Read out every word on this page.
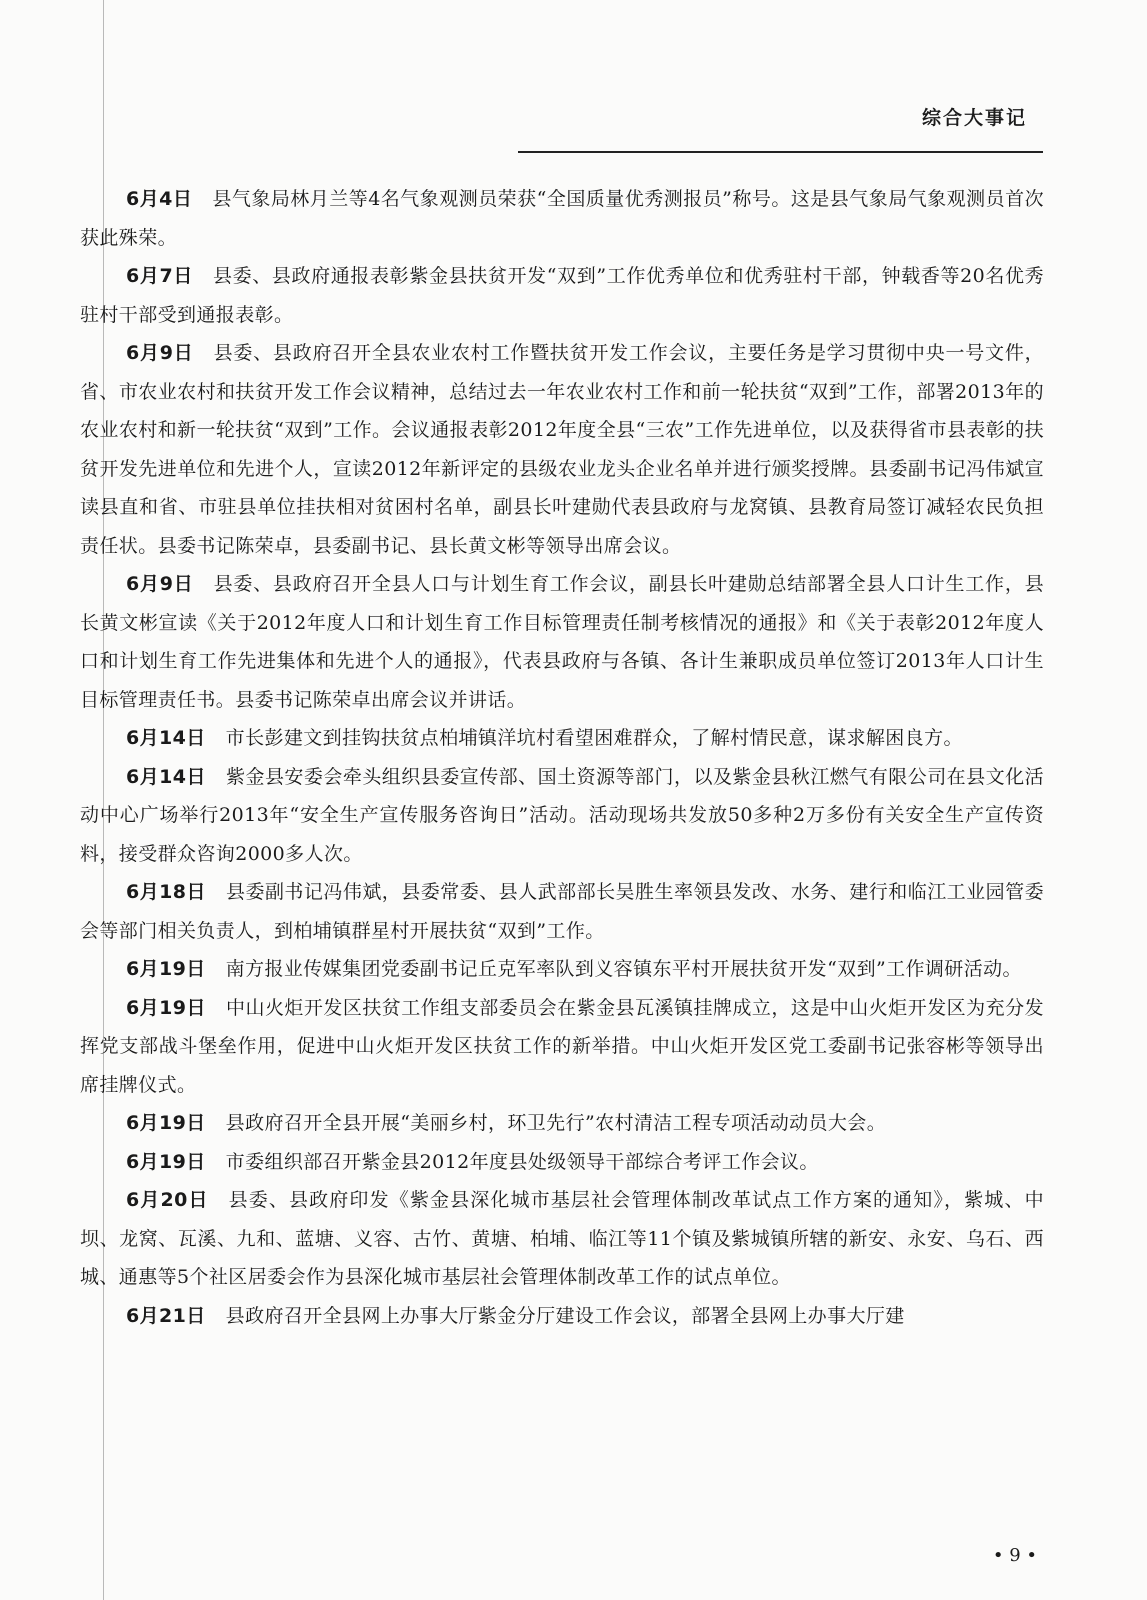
综合大事记

6月4日 县气象局林月兰等4名气象观测员荣获“全国质量优秀测报员”称号。这是县气象局气象观测员首次获此殊荣。

6月7日 县委、县政府通报表彰紫金县扶贫开发“双到”工作优秀单位和优秀驻村干部，钟载香等20名优秀驻村干部受到通报表彰。

6月9日 县委、县政府召开全县农业农村工作暨扶贫开发工作会议，主要任务是学习贯彻中央一号文件，省、市农业农村和扶贫开发工作会议精神，总结过去一年农业农村工作和前一轮扶贫“双到”工作，部署2013年的农业农村和新一轮扶贫“双到”工作。会议通报表彰2012年度全县“三农”工作先进单位，以及获得省市县表彰的扶贫开发先进单位和先进个人，宣读2012年新评定的县级农业龙头企业名单并进行颁奖授牌。县委副书记冯伟斌宣读县直和省、市驻县单位挂扶相对贫困村名单，副县长叶建勋代表县政府与龙窝镇、县教育局签订减轻农民负担责任状。县委书记陈荣卓，县委副书记、县长黄文彬等领导出席会议。

6月9日 县委、县政府召开全县人口与计划生育工作会议，副县长叶建勋总结部署全县人口计生工作，县长黄文彬宣读《关于2012年度人口和计划生育工作目标管理责任制考核情况的通报》和《关于表彰2012年度人口和计划生育工作先进集体和先进个人的通报》，代表县政府与各镇、各计生兼职成员单位签订2013年人口计生目标管理责任书。县委书记陈荣卓出席会议并讲话。

6月14日 市长彭建文到挂钩扶贫点柏埔镇洋坑村看望困难群众，了解村情民意，谋求解困良方。

6月14日 紫金县安委会牵头组织县委宣传部、国土资源等部门，以及紫金县秋江燃气有限公司在县文化活动中心广场举行2013年“安全生产宣传服务咨询日”活动。活动现场共发放50多种2万多份有关安全生产宣传资料，接受群众咨询2000多人次。

6月18日 县委副书记冯伟斌，县委常委、县人武部部长吴胜生率领县发改、水务、建行和临江工业园管委会等部门相关负责人，到柏埔镇群星村开展扶贫“双到”工作。

6月19日 南方报业传媒集团党委副书记丘克军率队到义容镇东平村开展扶贫开发“双到”工作调研活动。

6月19日 中山火炬开发区扶贫工作组支部委员会在紫金县瓦溪镇挂牌成立，这是中山火炬开发区为充分发挥党支部战斗堡垒作用，促进中山火炬开发区扶贫工作的新举措。中山火炬开发区党工委副书记张容彬等领导出席挂牌仪式。

6月19日 县政府召开全县开展“美丽乡村，环卫先行”农村清洁工程专项活动动员大会。

6月19日 市委组织部召开紫金县2012年度县处级领导干部综合考评工作会议。

6月20日 县委、县政府印发《紫金县深化城市基层社会管理体制改革试点工作方案的通知》，紫城、中坝、龙窝、瓦溪、九和、蓝塘、义容、古竹、黄塘、柏埔、临江等11个镇及紫城镇所辖的新安、永安、乌石、西城、通惠等5个社区居委会作为县深化城市基层社会管理体制改革工作的试点单位。

6月21日 县政府召开全县网上办事大厅紫金分厅建设工作会议，部署全县网上办事大厅建

• 9 •
